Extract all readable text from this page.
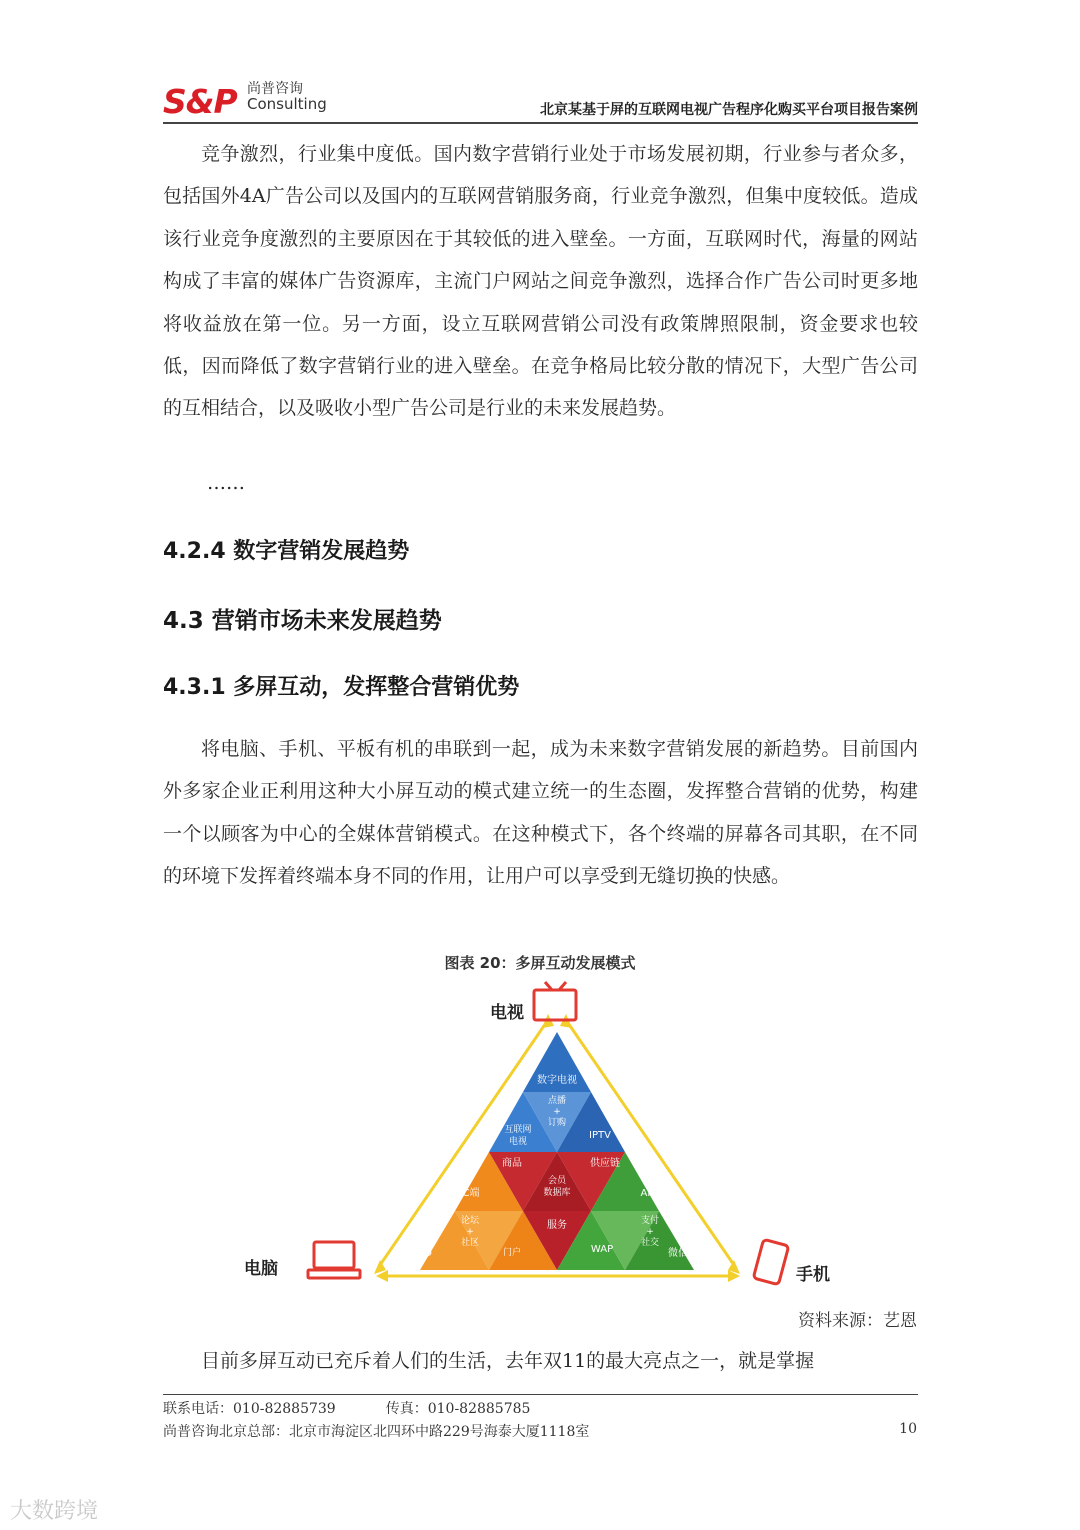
S&P 尚普咨询
Consulting	北京某基于屏的互联网电视广告程序化购买平台项目报告案例
竞争激烈，行业集中度低。国内数字营销行业处于市场发展初期，行业参与者众多，包括国外4A广告公司以及国内的互联网营销服务商，行业竞争激烈，但集中度较低。造成该行业竞争度激烈的主要原因在于其较低的进入壁垒。一方面，互联网时代，海量的网站构成了丰富的媒体广告资源库，主流门户网站之间竞争激烈，选择合作广告公司时更多地将收益放在第一位。另一方面，设立互联网营销公司没有政策牌照限制，资金要求也较低，因而降低了数字营销行业的进入壁垒。在竞争格局比较分散的情况下，大型广告公司的互相结合，以及吸收小型广告公司是行业的未来发展趋势。
……
4.2.4 数字营销发展趋势
4.3 营销市场未来发展趋势
4.3.1 多屏互动，发挥整合营销优势
将电脑、手机、平板有机的串联到一起，成为未来数字营销发展的新趋势。目前国内外多家企业正利用这种大小屏互动的模式建立统一的生态圈，发挥整合营销的优势，构建一个以顾客为中心的全媒体营销模式。在这种模式下，各个终端的屏幕各司其职，在不同的环境下发挥着终端本身不同的作用，让用户可以享受到无缝切换的快感。
图表 20：多屏互动发展模式
数字电视
点播
+
订购
互联网
电视
IPTV
商品	供应链
会员
数据库
PC端	APP
服务
论坛
+
社区
门户
支付
+
社交
PAD	WAP	微信
电视
电脑	手机
资料来源：艺恩
目前多屏互动已充斥着人们的生活，去年双11的最大亮点之一，就是掌握
联系电话：010-82885739	传真：010-82885785
尚普咨询北京总部：北京市海淀区北四环中路229号海泰大厦1118室	10
大数跨境
